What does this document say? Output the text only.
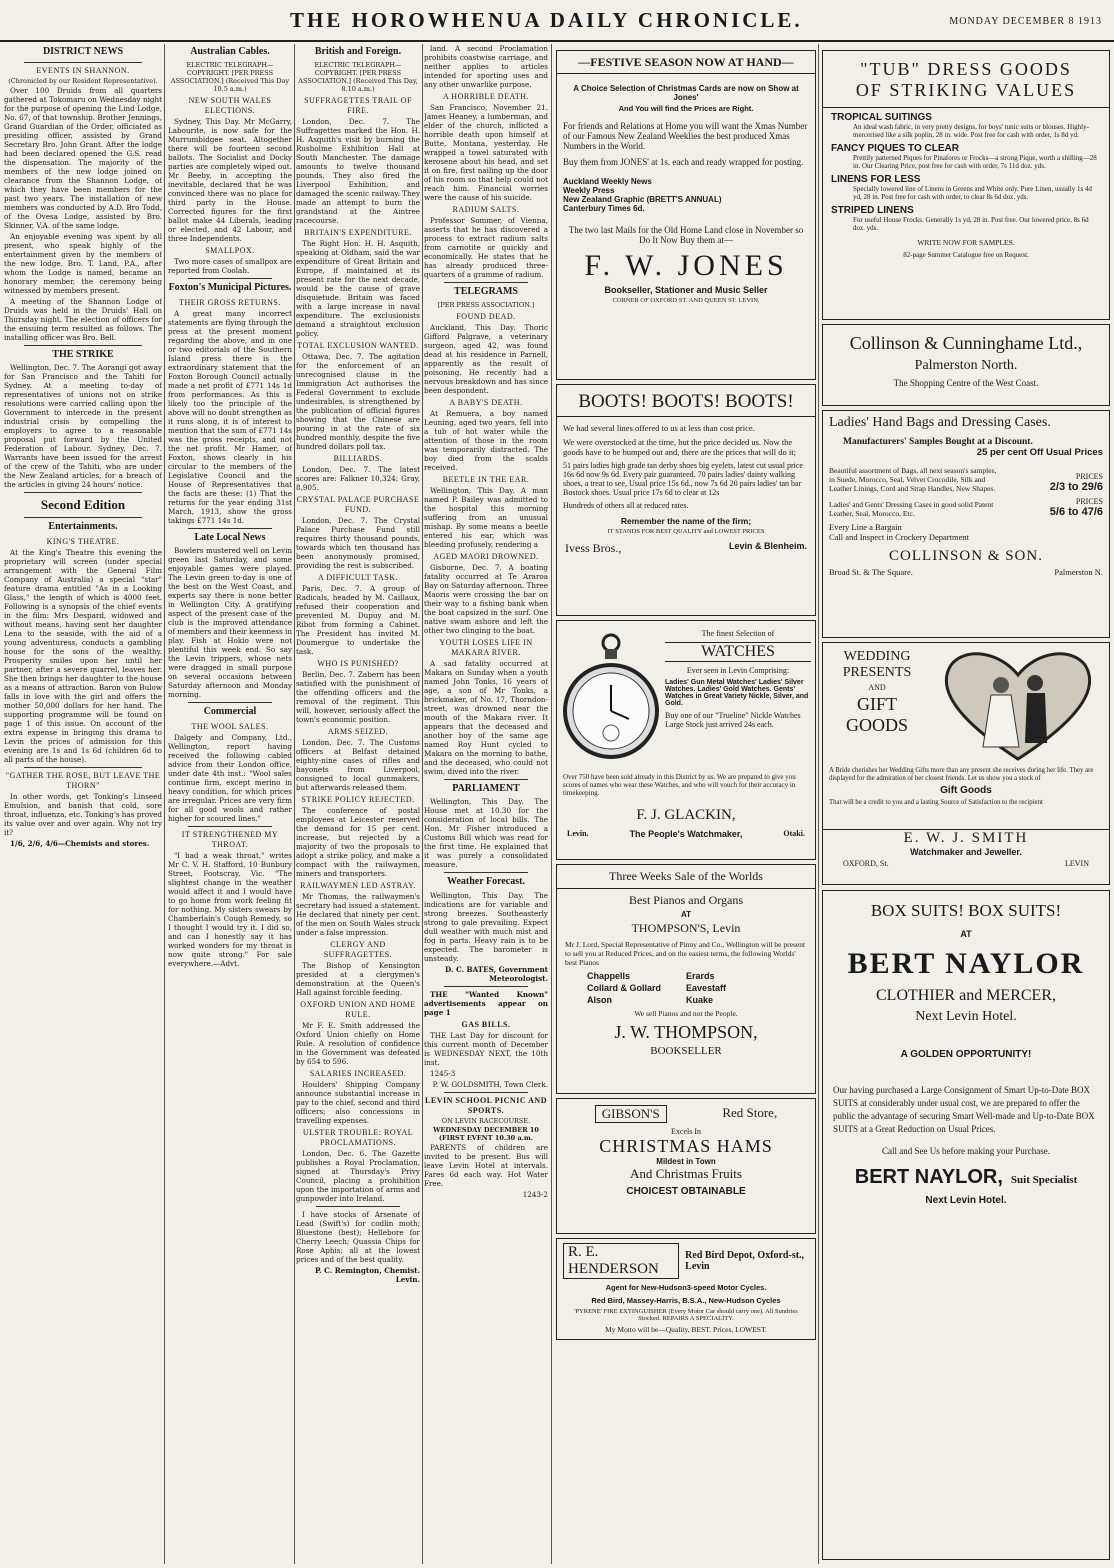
THE HOROWHENUA DAILY CHRONICLE.	MONDAY DECEMBER 8 1913
DISTRICT NEWS
EVENTS IN SHANNON.
(Chronicled by our Resident Representative).

Over 100 Druids from all quarters gathered at Tokomaru on Wednesday night for the purpose of opening the Lind Lodge, No. 67, of that township. Brother Jennings, Grand Guardian of the Order, officiated as presiding officer, assisted by Grand Secretary Bro. John Grant. After the lodge had been declared opened the G.S. read the dispensation. The majority of the members of the new lodge joined on clearance from the Shannon Lodge, of which they have been members for the past two years. The installation of new members was conducted by A.D. Bro Todd, of the Ovesa Lodge, assisted by Bro. Skinner, V.A. of the same lodge.

An enjoyable evening was spent by all present, who speak highly of the entertainment given by the members of the new lodge. Bro. T. Land, P.A., after whom the Lodge is named, became an honorary member, the ceremony being witnessed by members present.

A meeting of the Shannon Lodge of Druids was held in the Druids' Hall on Thursday night. The election of officers for the ensuing term resulted as follows. The installing officer was Bro. Bell.

THE STRIKE

Wellington, Dec. 7. The Aorangi got away for San Francisco and the Tahiti for Sydney. At a meeting to-day of representatives of unions not on strike resolutions were carried calling upon the Government to intercede in the present industrial crisis by compelling the employers to agree to a reasonable proposal put forward by the United Federation of Labour. Sydney, Dec. 7. Warrants have been issued for the arrest of the crew of the Tahiti, who are under the New Zealand articles, for a breach of the articles in giving 24 hours' notice.

Second Edition
Entertainments.
KING'S THEATRE.

At the King's Theatre this evening the proprietary will screen (under special arrangement with the General Film Company of Australia) a special "star" feature drama entitled "As in a Looking Glass," the length of which is 4000 feet. Following is a synopsis of the chief events in the film: Mrs Despard, widowed and without means, having sent her daughter Lena to the seaside, with the aid of a young adventuress, conducts a gambling house for the sons of the wealthy. Prosperity smiles upon her until her partner, after a severe quarrel, leaves her. She then brings her daughter to the house as a means of attraction. Baron von Bulow falls in love with the girl and offers the mother 50,000 dollars for her hand. The supporting programme will be found on page 1 of this issue. On account of the extra expense in bringing this drama to Levin the prices of admission for this evening are 1s and 1s 6d (children 6d to all parts of the house).

"GATHER THE ROSE, BUT LEAVE THE THORN"

In other words, get Tonking's Linseed Emulsion, and banish that cold, sore throat, influenza, etc. Tonking's has proved its value over and over again. Why not try it?

1/6, 2/6, 4/6—Chemists and stores.

Australian Cables.
ELECTRIC TELEGRAPH—COPYRIGHT. [PER PRESS ASSOCIATION.] (Received This Day 10.5 a.m.)
NEW SOUTH WALES ELECTIONS.

Sydney, This Day. Mr McGarry, Labourite, is now safe for the Murrumbidgee seat. Altogether there will be fourteen second ballots. The Socialist and Docky parties are completely wiped out. Mr Beeby, in accepting the inevitable, declared that he was convinced there was no place for third party in the House. Corrected figures for the first ballot make 44 Liberals, leading or elected, and 42 Labour, and three Independents.

SMALLPOX.

Two more cases of smallpox are reported from Coolah.

Foxton's Municipal Pictures.
THEIR GROSS RETURNS.

A great many incorrect statements are flying through the press at the present moment regarding the above, and in one or two editorials of the Southern Island press there is the extraordinary statement that the Foxton Borough Council actually made a net profit of £771 14s 1d from performances. As this is likely too the principle of the above will no doubt strengthen as it runs along, it is of interest to mention that the sum of £771 14s was the gross receipts, and not the net profit. Mr Hamer, of Foxton, shows clearly in his circular to the members of the Legislative Council and the House of Representatives that the facts are these: (1) That the returns for the year ending 31st March, 1913, show the gross takings £771 14s 1d.

Late Local News

Bowlers mustered well on Levin green last Saturday, and some enjoyable games were played. The Levin green to-day is one of the best on the West Coast, and experts say there is none better in Wellington City. A gratifying aspect of the present case of the club is the improved attendance of members and their keenness in play. Fish at Hokio were not plentiful this week end. So say the Levin trippers, whose nets were dragged in small purpose on several occasions between Saturday afternoon and Monday morning.

Commercial
THE WOOL SALES.

Dalgety and Company, Ltd., Wellington, report having received the following cabled advice from their London office, under date 4th inst.: "Wool sales continue firm, except merino in heavy condition, for which prices are irregular. Prices are very firm for all good wools and rather higher for scoured lines."

IT STRENGTHENED MY THROAT.

"I had a weak throat," writes Mr C. V. H. Stafford, 10 Bunbury Street, Footscray, Vic. "The slightest change in the weather would affect it and I would have to go home from work feeling fit for nothing. My sisters swears by Chamberlain's Cough Remedy, so I thought I would try it. I did so, and can I honestly say it has worked wonders for my throat is now quite strong." For sale everywhere.—Advt.

British and Foreign.
ELECTRIC TELEGRAPH—COPYRIGHT. [PER PRESS ASSOCIATION.] (Received This Day, 8.10 a.m.)
SUFFRAGETTES TRAIL OF FIRE.

London, Dec. 7. The Suffragettes marked the Hon. H. H. Asquith's visit by burning the Rusholme Exhibition Hall at South Manchester. The damage amounts to twelve thousand pounds. They also fired the Liverpool Exhibition, and damaged the scenic railway. They made an attempt to burn the grandstand at the Aintree racecourse.

BRITAIN'S EXPENDITURE.

The Right Hon. H. H. Asquith, speaking at Oldham, said the war expenditure of Great Britain and Europe, if maintained at its present rate for the next decade, would be the cause of grave disquietude. Britain was faced with a large increase in naval expenditure. The exclusionists demand a straightout exclusion policy.

TOTAL EXCLUSION WANTED.

Ottawa, Dec. 7. The agitation for the enforcement of an unrecognised clause in the Immigration Act authorises the Federal Government to exclude undesirables, is strengthened by the publication of official figures showing that the Chinese are pouring in at the rate of six hundred monthly, despite the five hundred dollars poll tax.

BILLIARDS.

London, Dec. 7. The latest scores are: Falkner 10,324; Gray, 8,905.

CRYSTAL PALACE PURCHASE FUND.

London, Dec. 7. The Crystal Palace Purchase Fund still requires thirty thousand pounds, towards which ten thousand has been anonymously promised, providing the rest is subscribed.

A DIFFICULT TASK.

Paris, Dec. 7. A group of Radicals, headed by M. Caillaux, refused their cooperation and prevented M. Dupuy and M. Ribot from forming a Cabinet. The President has invited M. Doumergue to undertake the task.

WHO IS PUNISHED?

Berlin, Dec. 7. Zabern has been satisfied with the punishment of the offending officers and the removal of the regiment. This will, however, seriously affect the town's economic position.

ARMS SEIZED.

London, Dec. 7. The Customs officers at Belfast detained eighty-nine cases of rifles and bayonets from Liverpool, consigned to local gunmakers, but afterwards released them.

STRIKE POLICY REJECTED.

The conference of postal employees at Leicester reserved the demand for 15 per cent. increase, but rejected by a majority of two the proposals to adopt a strike policy, and make a compact with the railwaymen, miners and transporters.

RAILWAYMEN LED ASTRAY.

Mr Thomas, the railwaymen's secretary had issued a statement. He declared that ninety per cent. of the men on South Wales struck under a false impression.

CLERGY AND SUFFRAGETTES.

The Bishop of Kensington presided at a clergymen's demonstration at the Queen's Hall against forcible feeding.

OXFORD UNION AND HOME RULE.

Mr F. E. Smith addressed the Oxford Union chiefly on Home Rule. A resolution of confidence in the Government was defeated by 654 to 596.

SALARIES INCREASED.

Houlders' Shipping Company announce substantial increase in pay to the chief, second and third officers; also concessions in travelling expenses.

ULSTER TROUBLE: ROYAL PROCLAMATIONS.

London, Dec. 6. The Gazette publishes a Royal Proclamation, signed at Thursday's Privy Council, placing a prohibition upon the importation of arms and gunpowder into Ireland.

I have stocks of Arsenate of Lead (Swift's) for codlin moth; Bluestone (best); Hellebore for Cherry Leech; Quassia Chips for Rose Aphis; all at the lowest prices and of the best quality.

P. C. Remington, Chemist. Levin.

land. A second Proclamation prohibits coastwise carriage, and neither applies to articles intended for sporting uses and any other unwarlike purpose.

A HORRIBLE DEATH.

San Francisco, November 21. James Heaney, a lumberman, and elder of the church, inflicted a horrible death upon himself at Butte, Montana, yesterday. He wrapped a towel saturated with kerosene about his head, and set it on fire, first nailing up the door of his room so that help could not reach him. Financial worries were the cause of his suicide.

RADIUM SALTS.

Professor Sommer, of Vienna, asserts that he has discovered a process to extract radium salts from carnotite or quickly and economically. He states that he has already produced three-quarters of a gramme of radium.

TELEGRAMS
[PER PRESS ASSOCIATION.]
FOUND DEAD.

Auckland, This Day. Thoric Gifford Palgrave, a veterinary surgeon, aged 42, was found dead at his residence in Parnell, apparently as the result of poisoning. He recently had a nervous breakdown and has since been despondent.

A BABY'S DEATH.

At Remuera, a boy named Leuning, aged two years, fell into a tub of hot water while the attention of those in the room was temporarily distracted. The boy died from the scalds received.

BEETLE IN THE EAR.

Wellington, This Day. A man named P. Bailey was admitted to the hospital this morning suffering from an unusual mishap. By some means a beetle entered his ear, which was bleeding profusely, rendering a

AGED MAORI DROWNED.

Gisborne, Dec. 7. A boating fatality occurred at Te Araroa Bay on Saturday afternoon. Three Maoris were crossing the bar on their way to a fishing bank when the boat capsized in the surf. One native swam ashore and left the other two clinging to the boat.

YOUTH LOSES LIFE IN MAKARA RIVER.

A sad fatality occurred at Makara on Sunday when a youth named John Tonks, 16 years of age, a son of Mr Tonks, a brickmaker, of No. 17, Thorndon-street, was drowned near the mouth of the Makara river. It appears that the deceased and another boy of the same age named Roy Hunt cycled to Makara on the morning to bathe, and the deceased, who could not swim, dived into the river.

PARLIAMENT

Wellington, This Day. The House met at 10.30 for the consideration of local bills. The Hon. Mr Fisher introduced a Customs Bill which was read for the first time. He explained that it was purely a consolidated measure.

Weather Forecast.

Wellington, This Day. The indications are for variable and strong breezes. Southeasterly strong to gale prevailing. Expect dull weather with much mist and fog in parts. Heavy rain is to be expected. The barometer is unsteady.

D. C. BATES, Government Meteorologist.

THE "Wanted Known" advertisements appear on page 1

GAS BILLS.

THE Last Day for discount for this current month of December is WEDNESDAY NEXT, the 10th inst.

1245-3

P. W. GOLDSMITH, Town Clerk.

LEVIN SCHOOL PICNIC AND SPORTS.
ON LEVIN RACECOURSE.
WEDNESDAY DECEMBER 10 (FIRST EVENT 10.30 a.m.

PARENTS of children are invited to be present. Bus will leave Levin Hotel at intervals. Fares 6d each way. Hot Water Free.

1243-2

—FESTIVE SEASON NOW AT HAND—
A Choice Selection of Christmas Cards are now on Show at Jones'
And You will find the Prices are Right.
For friends and Relations at Home you will want the Xmas Number of our Famous New Zealand Weeklies the best produced Xmas Numbers in the World.
Buy them from JONES' at 1s. each and ready wrapped for posting.
Auckland Weekly News
Weekly Press
New Zealand Graphic (BRETT'S ANNUAL)
Canterbury Times 6d.
The two last Mails for the Old Home Land close in November so Do It Now Buy them at—
F. W. JONES
Bookseller, Stationer and Music Seller
CORNER OF OXFORD ST. AND QUEEN ST. LEVIN.
BOOTS! BOOTS! BOOTS!
We had several lines offered to us at less than cost price.
We were overstocked at the time, but the price decided us. Now the goods have to be bumped out and, there are the prices that will do it;
51 pairs ladies high grade tan derby shoes big eyelets, latest cut usual price 16s 6d now 9s 6d. Every pair guaranteed. 70 pairs ladies' dainty walking shoes, a treat to see, Usual price 15s 6d., now 7s 6d 20 pairs ladies' tan bar Bostock shoes. Usual price 17s 6d to clear at 12s
Hundreds of others all at reduced rates.
Remember the name of the firm;
IT STANDS FOR BEST QUALITY and LOWEST PRICES
Ivess Bros.,	Levin & Blenheim.
The finest Selection of
WATCHES
Ever seen in Levin Comprising:
Ladies' Gun Metal Watches' Ladies' Silver Watches. Ladies' Gold Watches. Gents' Watches in Great Variety Nickle, Silver, and Gold.
Buy one of our "Trueline" Nickle Watches Large Stock just arrived 24s each.
Over 750 have been sold already in this District by us. We are prepared to give you scores of names who wear these Watches, and who will vouch for their accuracy in timekeeping.
F. J. GLACKIN,
Levin.	The People's Watchmaker,	Otaki.
Three Weeks Sale of the Worlds
Best Pianos and Organs
AT
THOMPSON'S, Levin
Mr J. Lord, Special Representative of Pinny and Co., Wellington will be present to sell you at Reduced Prices, and on the easiest terms, the following Worlds' best Pianos
Chappells	Erards
Collard & Gollard	Eavestaff
Alson	Kuake
We sell Pianos and not the People.
J. W. THOMPSON,
BOOKSELLER
GIBSON'S	Red Store,
Excels In
CHRISTMAS HAMS
Mildest in Town
And Christmas Fruits
CHOICEST OBTAINABLE
R. E. HENDERSON
Red Bird Depot, Oxford-st., Levin
Agent for New-Hudson3-speed Motor Cycles.
Red Bird, Massey-Harris, B.S.A., New-Hudson Cycles
'PYRENE' FIRE EXTINGUISHER (Every Motor Car should carry one). All Sundries Stocked. REPAIRS A SPECIALITY.
My Motto will be—Quality, BEST. Prices, LOWEST.
"TUB" DRESS GOODS
OF STRIKING VALUES
TROPICAL SUITINGS
An ideal wash fabric, in very pretty designs, for boys' tunic suits or blouses. Highly-mercerised like a silk poplin, 28 in. wide. Post free for cash with order, 1s 8d yd.
FANCY PIQUES TO CLEAR
Prettily patterned Piques for Pinafores or Frocks—a strong Pique, worth a shilling—28 in. Our Clearing Price, post free for cash with order, 7s 11d doz. yds.
LINENS FOR LESS
Specially lowered line of Linens in Greens and White only. Pure Linen, usually 1s 4d yd, 28 in. Post free for cash with order, to clear 8s 6d doz. yds.
STRIPED LINENS
For useful House Frocks. Generally 1s yd, 28 in. Post free. Our lowered price, 8s 6d doz. yds.
WRITE NOW FOR SAMPLES.
82-page Summer Catalogue free on Request.
Collinson & Cunninghame Ltd.,
Palmerston North.
The Shopping Centre of the West Coast.
Ladies' Hand Bags and Dressing Cases.
Manufacturers' Samples Bought at a Discount.
25 per cent Off Usual Prices
Beautiful assortment of Bags, all next season's samples, in Suede, Morocco, Seal, Velvet Crocodile, Silk and Leather Linings, Cord and Strap Handles, New Shapes.
PRICES
2/3 to 29/6
Ladies' and Gents' Dressing Cases in good solid Patent Leather, Seal, Morocco, Etc.
PRICES
5/6 to 47/6
Every Line a Bargain
Call and Inspect in Crockery Department
COLLINSON & SON.
Broad St. & The Square.	Palmerston N.
WEDDING
PRESENTS
AND
GIFT
GOODS
A Bride cherishes her Wedding Gifts more than any present she receives during her life. They are displayed for the admiration of her closest friends. Let us show you a stock of
Gift Goods
That will be a credit to you and a lasting Source of Satisfaction to the recipient
E. W. J. SMITH
Watchmaker and Jeweller.
OXFORD, St.	LEVIN
BOX SUITS! BOX SUITS!
AT
BERT NAYLOR
CLOTHIER and MERCER,
Next Levin Hotel.
A GOLDEN OPPORTUNITY!
Our having purchased a Large Consignment of Smart Up-to-Date BOX SUITS at considerably under usual cost, we are prepared to offer the public the advantage of securing Smart Well-made and Up-to-Date BOX SUITS at a Great Reduction on Usual Prices.
Call and See Us before making your Purchase.
BERT NAYLOR, Suit Specialist
Next Levin Hotel.
